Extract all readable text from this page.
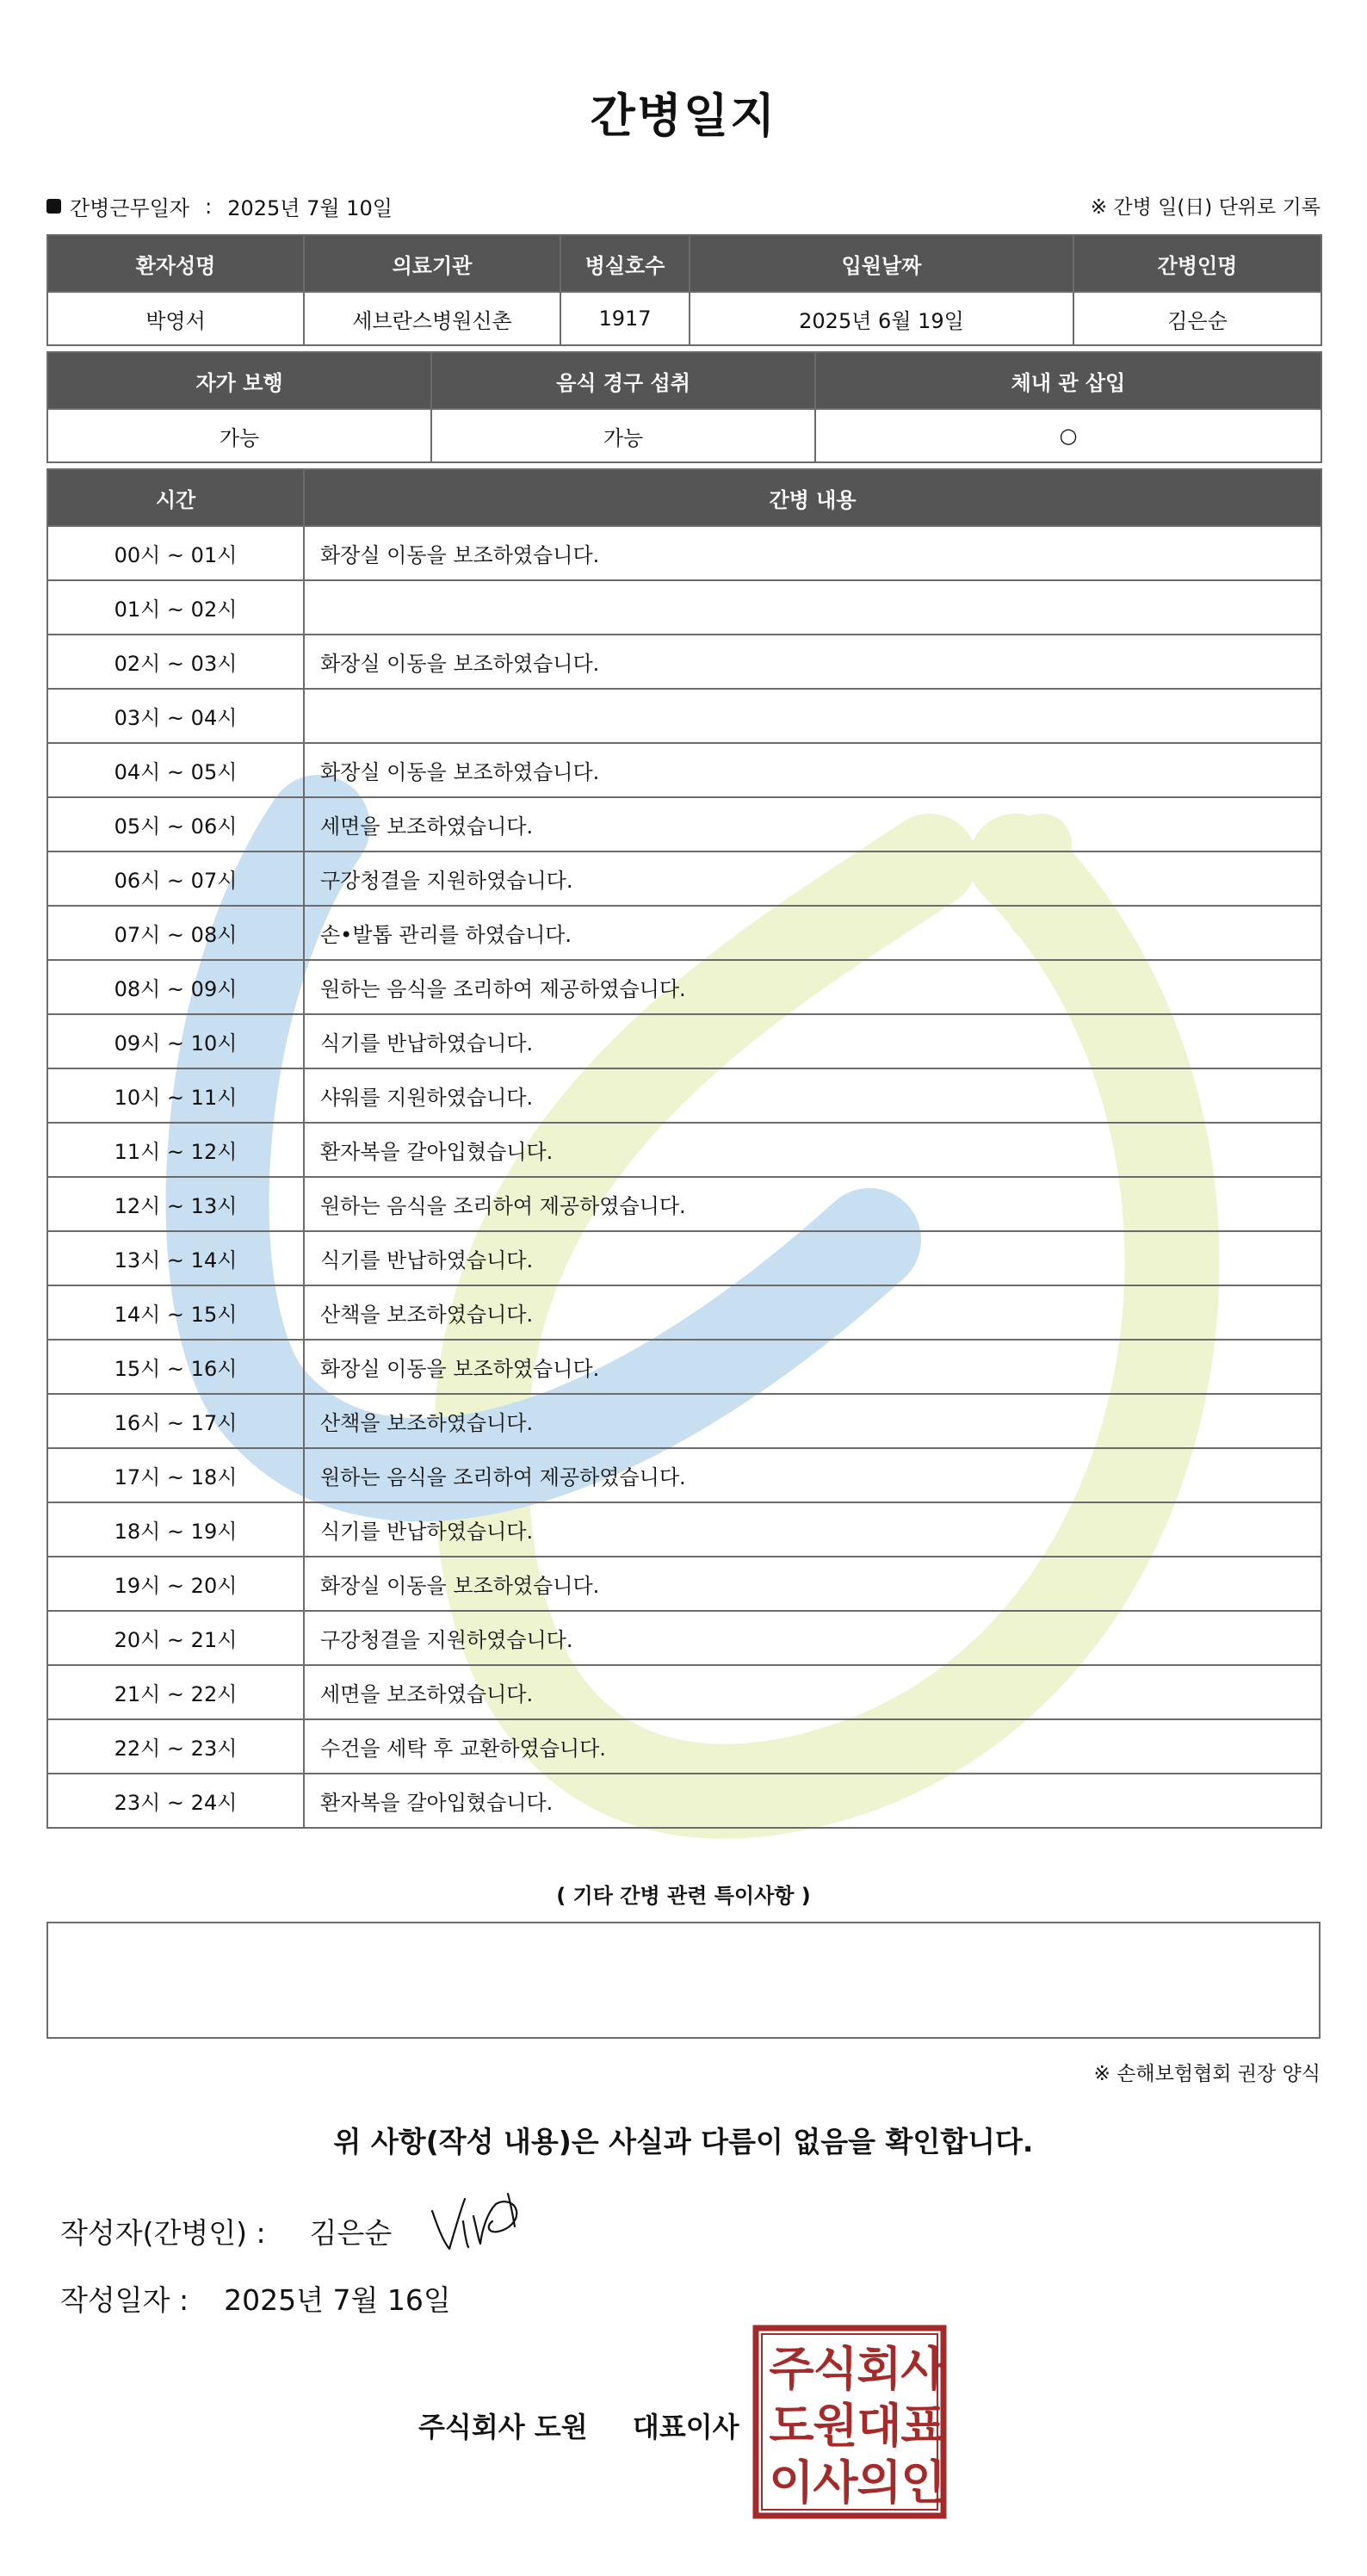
간병일지
간병근무일자 : 2025년 7월 10일	※ 간병 일(日) 단위로 기록
환자성명	의료기관	병실호수	입원날짜	간병인명
박영서	세브란스병원신촌	1917	2025년 6월 19일	김은순
자가 보행	음식 경구 섭취	체내 관 삽입
가능	가능	○
시간	간병 내용
00시 ~ 01시	화장실 이동을 보조하였습니다.
01시 ~ 02시	
02시 ~ 03시	화장실 이동을 보조하였습니다.
03시 ~ 04시	
04시 ~ 05시	화장실 이동을 보조하였습니다.
05시 ~ 06시	세면을 보조하였습니다.
06시 ~ 07시	구강청결을 지원하였습니다.
07시 ~ 08시	손•발톱 관리를 하였습니다.
08시 ~ 09시	원하는 음식을 조리하여 제공하였습니다.
09시 ~ 10시	식기를 반납하였습니다.
10시 ~ 11시	샤워를 지원하였습니다.
11시 ~ 12시	환자복을 갈아입혔습니다.
12시 ~ 13시	원하는 음식을 조리하여 제공하였습니다.
13시 ~ 14시	식기를 반납하였습니다.
14시 ~ 15시	산책을 보조하였습니다.
15시 ~ 16시	화장실 이동을 보조하였습니다.
16시 ~ 17시	산책을 보조하였습니다.
17시 ~ 18시	원하는 음식을 조리하여 제공하였습니다.
18시 ~ 19시	식기를 반납하였습니다.
19시 ~ 20시	화장실 이동을 보조하였습니다.
20시 ~ 21시	구강청결을 지원하였습니다.
21시 ~ 22시	세면을 보조하였습니다.
22시 ~ 23시	수건을 세탁 후 교환하였습니다.
23시 ~ 24시	환자복을 갈아입혔습니다.
( 기타 간병 관련 특이사항 )
※ 손해보험협회 권장 양식
위 사항(작성 내용)은 사실과 다름이 없음을 확인합니다.
작성자(간병인) : 김은순
작성일자 : 2025년 7월 16일
주식회사 도원 대표이사
주
식
회
사
도
원
대
표
이
사
의
인
